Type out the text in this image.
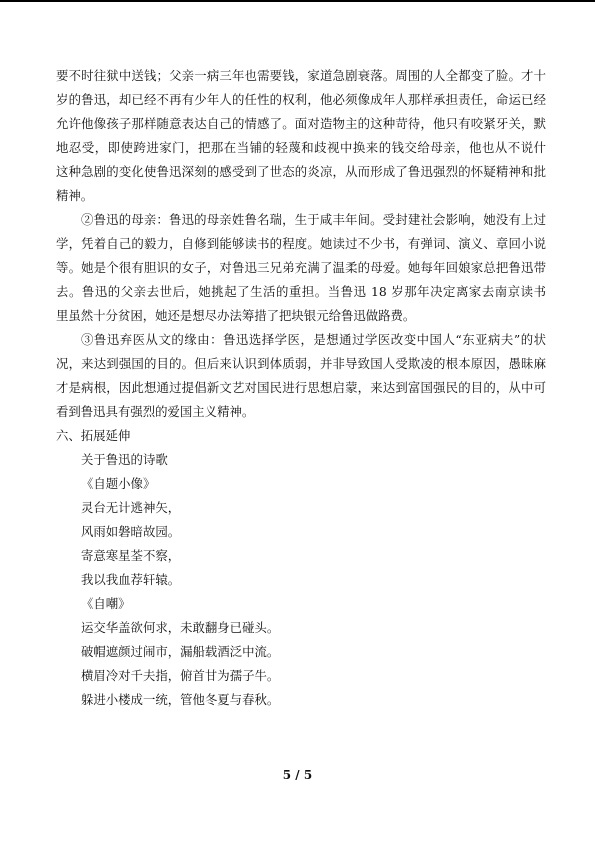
要不时往狱中送钱；父亲一病三年也需要钱，家道急剧衰落。周围的人全都变了脸。才十
岁的鲁迅，却已经不再有少年人的任性的权利，他必须像成年人那样承担责任，命运已经
允许他像孩子那样随意表达自己的情感了。面对造物主的这种苛待，他只有咬紧牙关，默
地忍受，即使跨进家门，把那在当铺的轻蔑和歧视中换来的钱交给母亲，他也从不说什
这种急剧的变化使鲁迅深刻的感受到了世态的炎凉，从而形成了鲁迅强烈的怀疑精神和批
精神。
②鲁迅的母亲：鲁迅的母亲姓鲁名瑞，生于咸丰年间。受封建社会影响，她没有上过
学，凭着自己的毅力，自修到能够读书的程度。她读过不少书，有弹词、演义、章回小说
等。她是个很有胆识的女子，对鲁迅三兄弟充满了温柔的母爱。她每年回娘家总把鲁迅带
去。鲁迅的父亲去世后，她挑起了生活的重担。当鲁迅 18 岁那年决定离家去南京读书
里虽然十分贫困，她还是想尽办法筹措了把块银元给鲁迅做路费。
③鲁迅弃医从文的缘由：鲁迅选择学医，是想通过学医改变中国人“东亚病夫”的状
况，来达到强国的目的。但后来认识到体质弱，并非导致国人受欺凌的根本原因，愚昧麻
才是病根，因此想通过提倡新文艺对国民进行思想启蒙，来达到富国强民的目的，从中可
看到鲁迅具有强烈的爱国主义精神。
六、拓展延伸
关于鲁迅的诗歌
《自题小像》
灵台无计逃神矢，
风雨如磐暗故园。
寄意寒星荃不察，
我以我血荐轩辕。
《自嘲》
运交华盖欲何求，未敢翻身已碰头。
破帽遮颜过闹市，漏船载酒泛中流。
横眉冷对千夫指，俯首甘为孺子牛。
躲进小楼成一统，管他冬夏与春秋。
5 / 5
